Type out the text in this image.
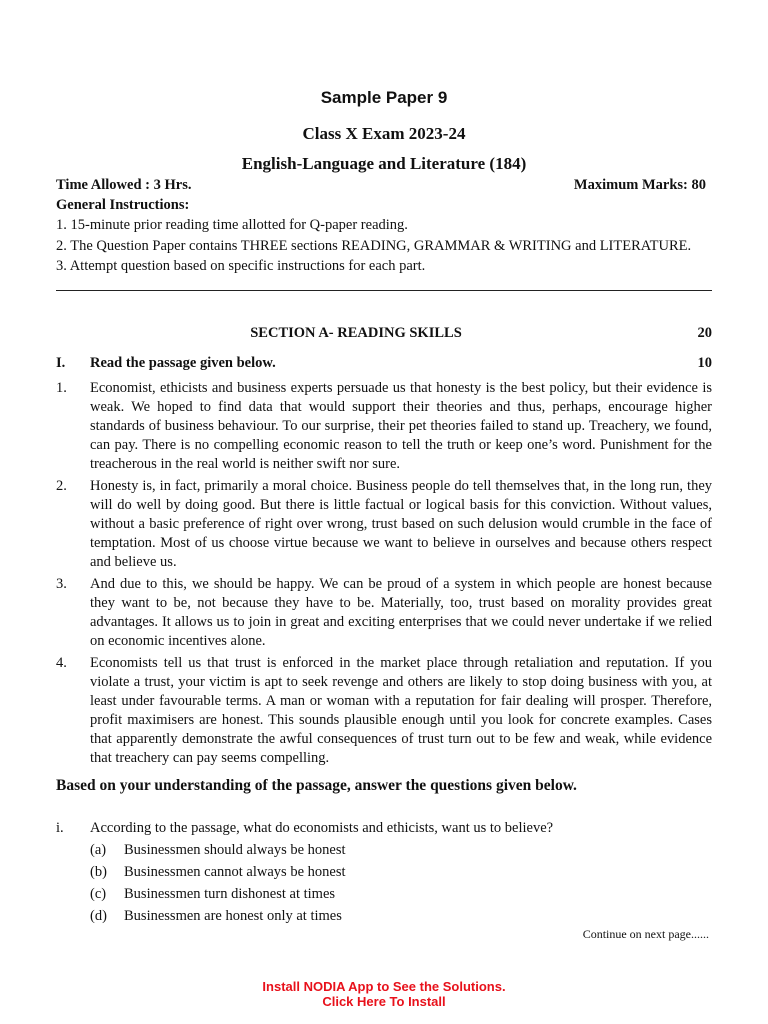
Sample Paper 9
Class X Exam 2023-24
English-Language and Literature (184)
Time Allowed : 3 Hrs.	Maximum Marks: 80
General Instructions:
1. 15-minute prior reading time allotted for Q-paper reading.
2. The Question Paper contains THREE sections READING, GRAMMAR & WRITING and LITERATURE.
3. Attempt question based on specific instructions for each part.
SECTION A- READING SKILLS	20
I. Read the passage given below.	10
1. Economist, ethicists and business experts persuade us that honesty is the best policy, but their evidence is weak. We hoped to find data that would support their theories and thus, perhaps, encourage higher standards of business behaviour. To our surprise, their pet theories failed to stand up. Treachery, we found, can pay. There is no compelling economic reason to tell the truth or keep one’s word. Punishment for the treacherous in the real world is neither swift nor sure.
2. Honesty is, in fact, primarily a moral choice. Business people do tell themselves that, in the long run, they will do well by doing good. But there is little factual or logical basis for this conviction. Without values, without a basic preference of right over wrong, trust based on such delusion would crumble in the face of temptation. Most of us choose virtue because we want to believe in ourselves and because others respect and believe us.
3. And due to this, we should be happy. We can be proud of a system in which people are honest because they want to be, not because they have to be. Materially, too, trust based on morality provides great advantages. It allows us to join in great and exciting enterprises that we could never undertake if we relied on economic incentives alone.
4. Economists tell us that trust is enforced in the market place through retaliation and reputation. If you violate a trust, your victim is apt to seek revenge and others are likely to stop doing business with you, at least under favourable terms. A man or woman with a reputation for fair dealing will prosper. Therefore, profit maximisers are honest. This sounds plausible enough until you look for concrete examples. Cases that apparently demonstrate the awful consequences of trust turn out to be few and weak, while evidence that treachery can pay seems compelling.
Based on your understanding of the passage, answer the questions given below.
i. According to the passage, what do economists and ethicists, want us to believe?
(a) Businessmen should always be honest
(b) Businessmen cannot always be honest
(c) Businessmen turn dishonest at times
(d) Businessmen are honest only at times
Continue on next page......
Install NODIA App to See the Solutions.
Click Here To Install
